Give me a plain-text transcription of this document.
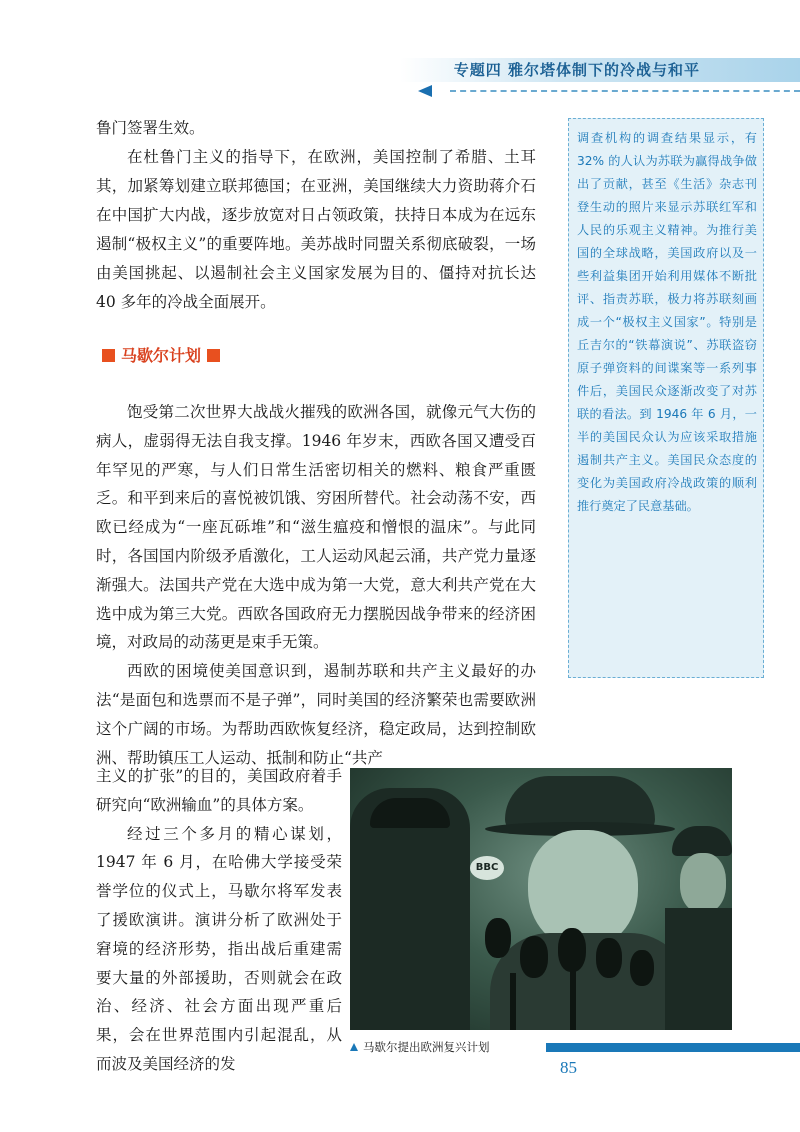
专题四 雅尔塔体制下的冷战与和平

鲁门签署生效。

在杜鲁门主义的指导下，在欧洲，美国控制了希腊、土耳其，加紧筹划建立联邦德国；在亚洲，美国继续大力资助蒋介石在中国扩大内战，逐步放宽对日占领政策，扶持日本成为在远东遏制“极权主义”的重要阵地。美苏战时同盟关系彻底破裂，一场由美国挑起、以遏制社会主义国家发展为目的、僵持对抗长达 40 多年的冷战全面展开。

马歇尔计划

饱受第二次世界大战战火摧残的欧洲各国，就像元气大伤的病人，虚弱得无法自我支撑。1946 年岁末，西欧各国又遭受百年罕见的严寒，与人们日常生活密切相关的燃料、粮食严重匮乏。和平到来后的喜悦被饥饿、穷困所替代。社会动荡不安，西欧已经成为“一座瓦砾堆”和“滋生瘟疫和憎恨的温床”。与此同时，各国国内阶级矛盾激化，工人运动风起云涌，共产党力量逐渐强大。法国共产党在大选中成为第一大党，意大利共产党在大选中成为第三大党。西欧各国政府无力摆脱因战争带来的经济困境，对政局的动荡更是束手无策。

西欧的困境使美国意识到，遏制苏联和共产主义最好的办法“是面包和选票而不是子弹”，同时美国的经济繁荣也需要欧洲这个广阔的市场。为帮助西欧恢复经济，稳定政局，达到控制欧洲、帮助镇压工人运动、抵制和防止“共产

主义的扩张”的目的，美国政府着手研究向“欧洲输血”的具体方案。

经过三个多月的精心谋划，1947 年 6 月，在哈佛大学接受荣誉学位的仪式上，马歇尔将军发表了援欧演讲。演讲分析了欧洲处于窘境的经济形势，指出战后重建需要大量的外部援助，否则就会在政治、经济、社会方面出现严重后果，会在世界范围内引起混乱，从而波及美国经济的发

调查机构的调查结果显示，有 32% 的人认为苏联为赢得战争做出了贡献，甚至《生活》杂志刊登生动的照片来显示苏联红军和人民的乐观主义精神。为推行美国的全球战略，美国政府以及一些利益集团开始利用媒体不断批评、指责苏联，极力将苏联刻画成一个“极权主义国家”。特别是丘吉尔的“铁幕演说”、苏联盗窃原子弹资料的间谍案等一系列事件后，美国民众逐渐改变了对苏联的看法。到 1946 年 6 月，一半的美国民众认为应该采取措施遏制共产主义。美国民众态度的变化为美国政府冷战政策的顺利推行奠定了民意基础。
BBC
马歇尔提出欧洲复兴计划
85
